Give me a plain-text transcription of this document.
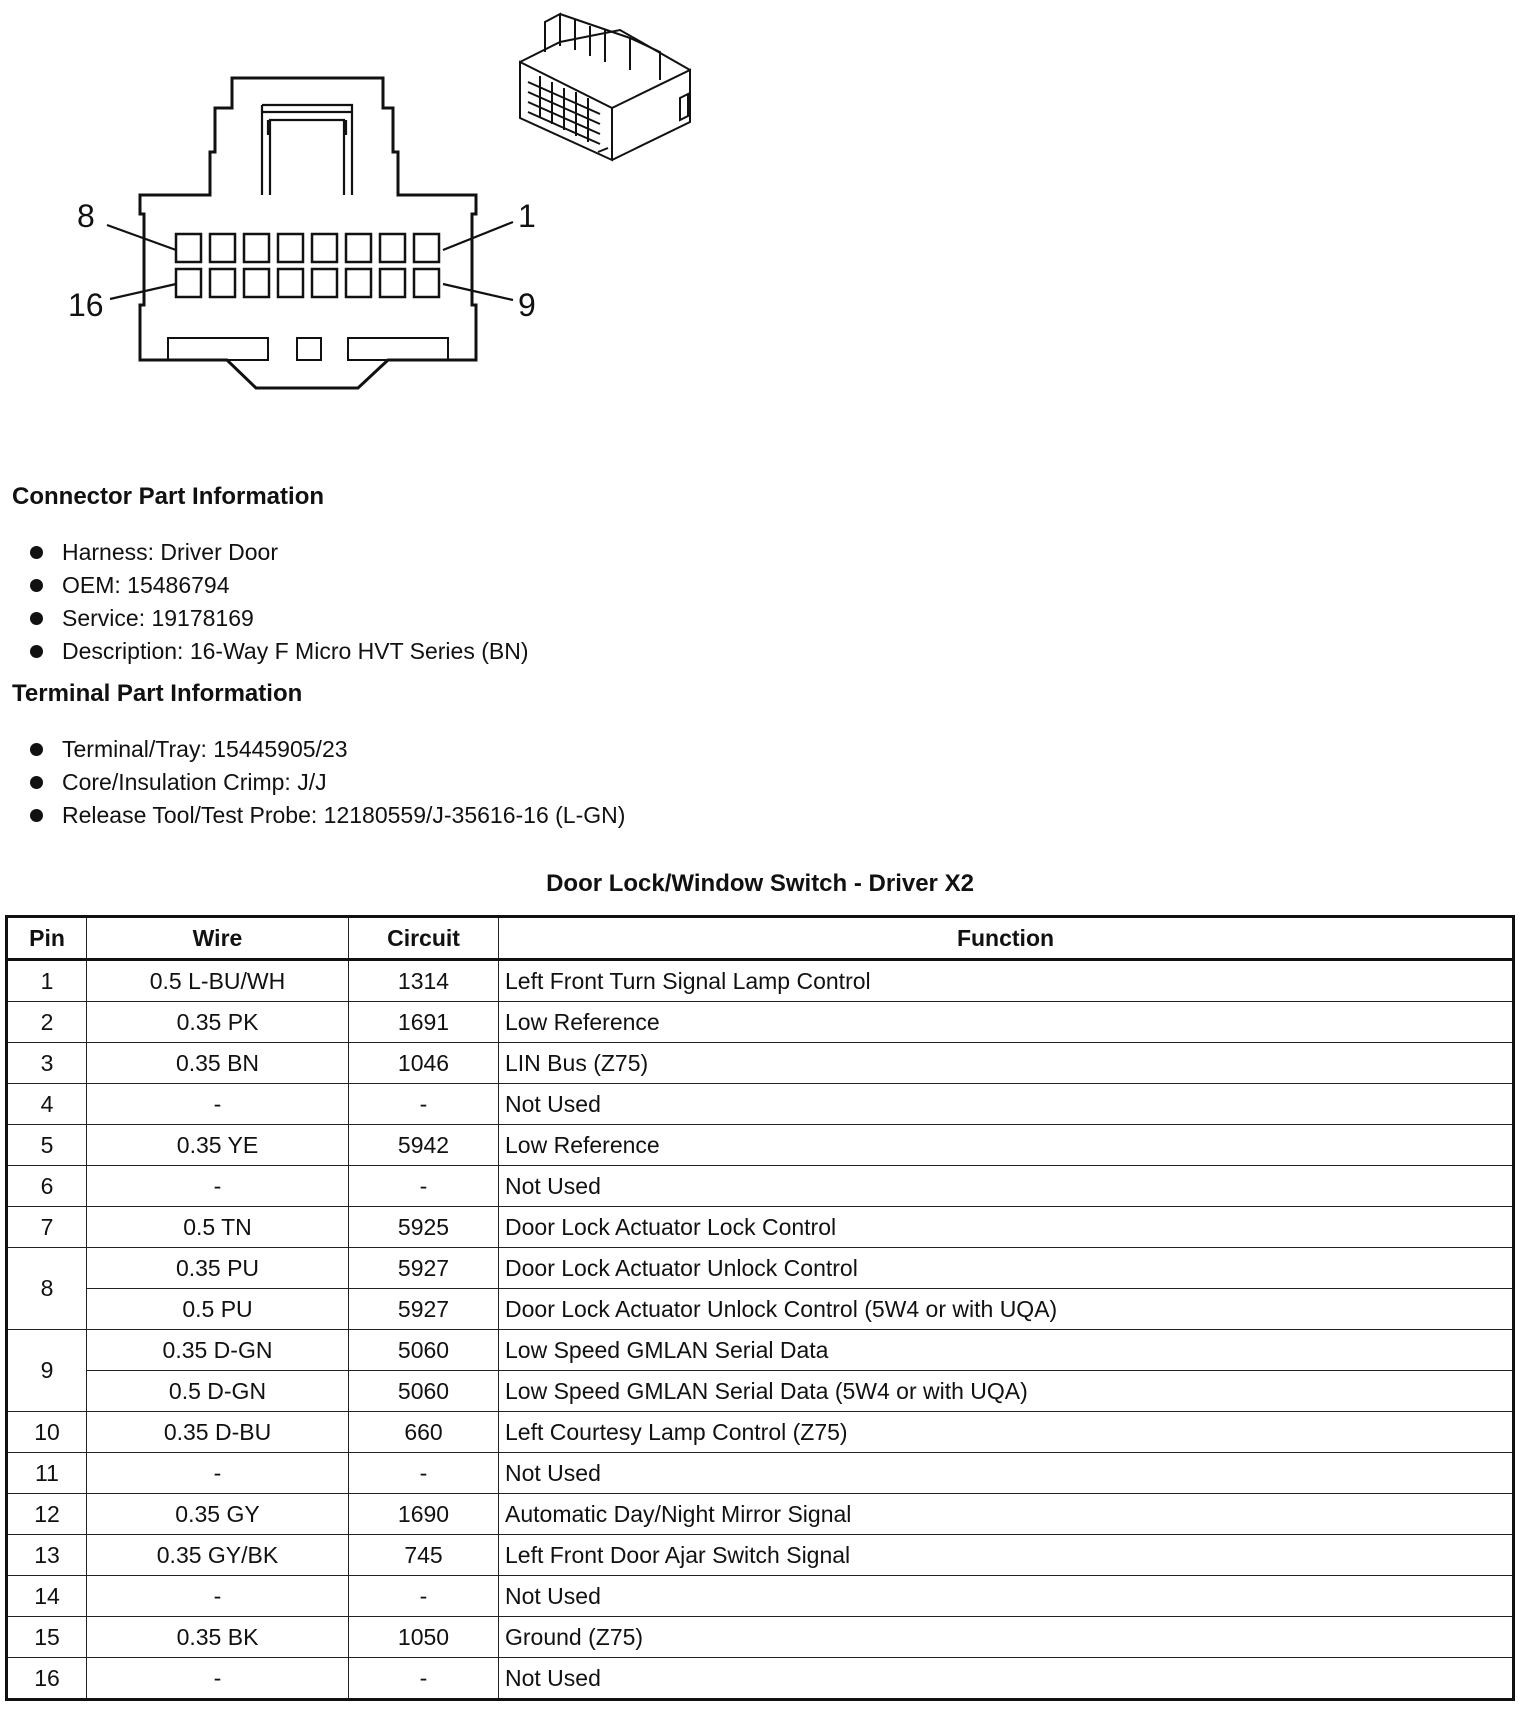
8	1
16	9
Connector Part Information
Harness: Driver Door
OEM: 15486794
Service: 19178169
Description: 16-Way F Micro HVT Series (BN)
Terminal Part Information
Terminal/Tray: 15445905/23
Core/Insulation Crimp: J/J
Release Tool/Test Probe: 12180559/J-35616-16 (L-GN)
Door Lock/Window Switch - Driver X2
Pin	Wire	Circuit	Function
1	0.5 L-BU/WH	1314	Left Front Turn Signal Lamp Control
2	0.35 PK	1691	Low Reference
3	0.35 BN	1046	LIN Bus (Z75)
4	-	-	Not Used
5	0.35 YE	5942	Low Reference
6	-	-	Not Used
7	0.5 TN	5925	Door Lock Actuator Lock Control
8	0.35 PU	5927	Door Lock Actuator Unlock Control
	0.5 PU	5927	Door Lock Actuator Unlock Control (5W4 or with UQA)
9	0.35 D-GN	5060	Low Speed GMLAN Serial Data
	0.5 D-GN	5060	Low Speed GMLAN Serial Data (5W4 or with UQA)
10	0.35 D-BU	660	Left Courtesy Lamp Control (Z75)
11	-	-	Not Used
12	0.35 GY	1690	Automatic Day/Night Mirror Signal
13	0.35 GY/BK	745	Left Front Door Ajar Switch Signal
14	-	-	Not Used
15	0.35 BK	1050	Ground (Z75)
16	-	-	Not Used
